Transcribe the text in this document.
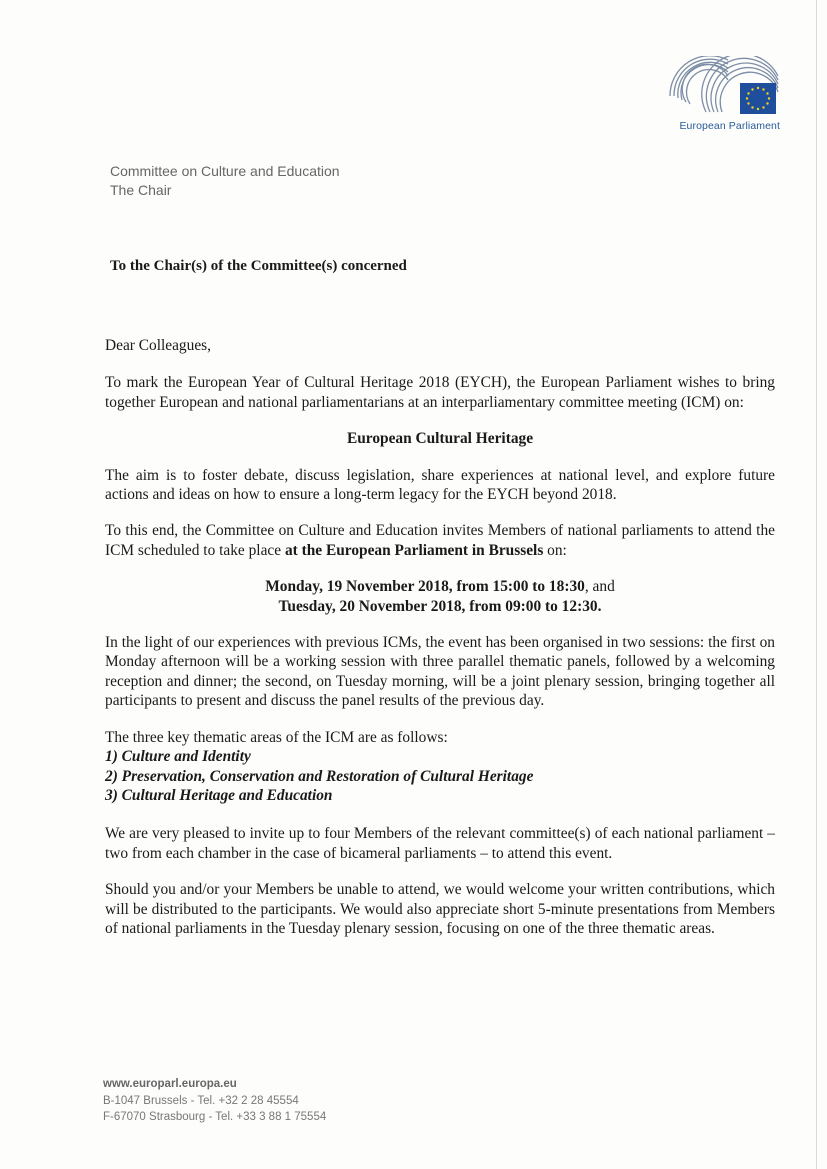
European Parliament
Committee on Culture and Education
The Chair
To the Chair(s) of the Committee(s) concerned

Dear Colleagues,

To mark the European Year of Cultural Heritage 2018 (EYCH), the European Parliament wishes to bring together European and national parliamentarians at an interparliamentary committee meeting (ICM) on:

European Cultural Heritage

The aim is to foster debate, discuss legislation, share experiences at national level, and explore future actions and ideas on how to ensure a long-term legacy for the EYCH beyond 2018.

To this end, the Committee on Culture and Education invites Members of national parliaments to attend the ICM scheduled to take place at the European Parliament in Brussels on:

Monday, 19 November 2018, from 15:00 to 18:30, and
Tuesday, 20 November 2018, from 09:00 to 12:30.

In the light of our experiences with previous ICMs, the event has been organised in two sessions: the first on Monday afternoon will be a working session with three parallel thematic panels, followed by a welcoming reception and dinner; the second, on Tuesday morning, will be a joint plenary session, bringing together all participants to present and discuss the panel results of the previous day.

The three key thematic areas of the ICM are as follows:

1) Culture and Identity
2) Preservation, Conservation and Restoration of Cultural Heritage
3) Cultural Heritage and Education

We are very pleased to invite up to four Members of the relevant committee(s) of each national parliament – two from each chamber in the case of bicameral parliaments – to attend this event.

Should you and/or your Members be unable to attend, we would welcome your written contributions, which will be distributed to the participants. We would also appreciate short 5-minute presentations from Members of national parliaments in the Tuesday plenary session, focusing on one of the three thematic areas.

www.europarl.europa.eu
B-1047 Brussels - Tel. +32 2 28 45554
F-67070 Strasbourg - Tel. +33 3 88 1 75554
